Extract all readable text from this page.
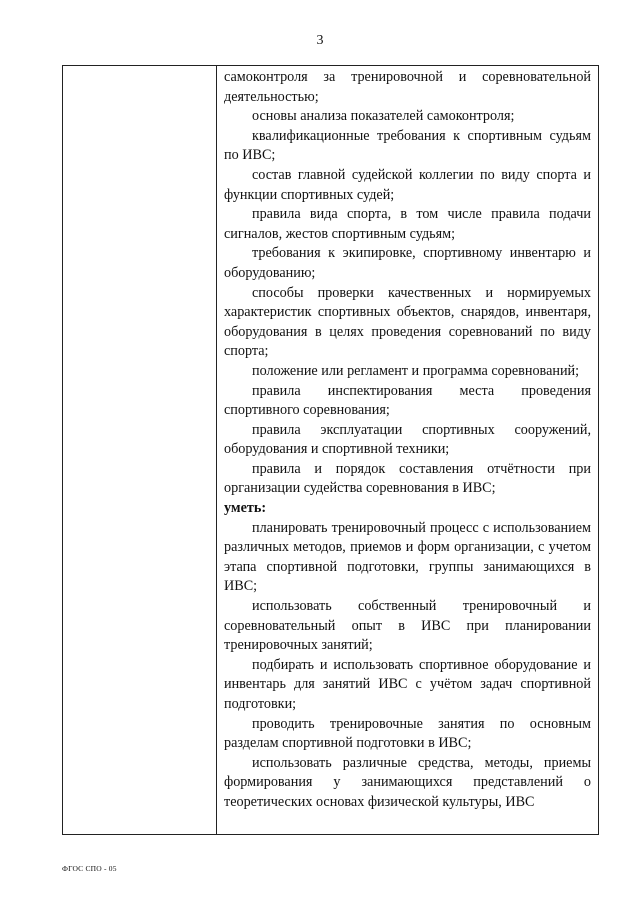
3

самоконтроля за тренировочной и соревновательной деятельностью;

основы анализа показателей самоконтроля;

квалификационные требования к спортивным судьям по ИВС;

состав главной судейской коллегии по виду спорта и функции спортивных судей;

правила вида спорта, в том числе правила подачи сигналов, жестов спортивным судьям;

требования к экипировке, спортивному инвентарю и оборудованию;

способы проверки качественных и нормируемых характеристик спортивных объектов, снарядов, инвентаря, оборудования в целях проведения соревнований по виду спорта;

положение или регламент и программа соревнований;

правила инспектирования места проведения спортивного соревнования;

правила эксплуатации спортивных сооружений, оборудования и спортивной техники;

правила и порядок составления отчётности при организации судейства соревнования в ИВС;

уметь:

планировать тренировочный процесс с использованием различных методов, приемов и форм организации, с учетом этапа спортивной подготовки, группы занимающихся в ИВС;

использовать собственный тренировочный и соревновательный опыт в ИВС при планировании тренировочных занятий;

подбирать и использовать спортивное оборудование и инвентарь для занятий ИВС с учётом задач спортивной подготовки;

проводить тренировочные занятия по основным разделам спортивной подготовки в ИВС;

использовать различные средства, методы, приемы формирования у занимающихся представлений о теоретических основах физической культуры, ИВС

ФГОС СПО - 05
